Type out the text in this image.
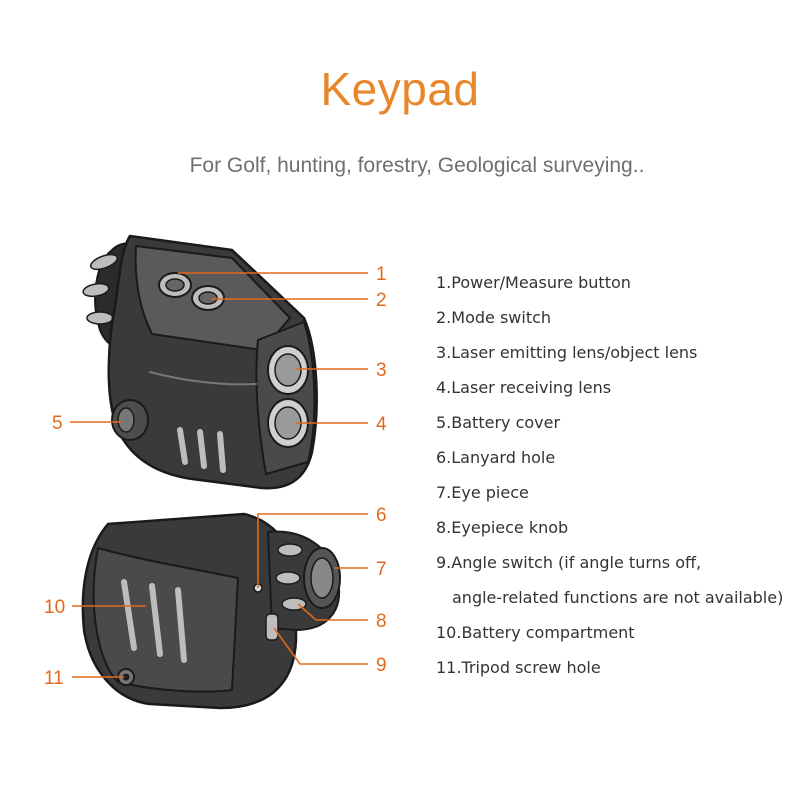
Keypad
For Golf, hunting, forestry, Geological surveying..
1
2
3
4
5
6
7
8
9
10
11
1.Power/Measure button
2.Mode switch
3.Laser emitting lens/object lens
4.Laser receiving lens
5.Battery cover
6.Lanyard hole
7.Eye piece
8.Eyepiece knob
9.Angle switch (if angle turns off,
angle-related functions are not available)
10.Battery compartment
11.Tripod screw hole
